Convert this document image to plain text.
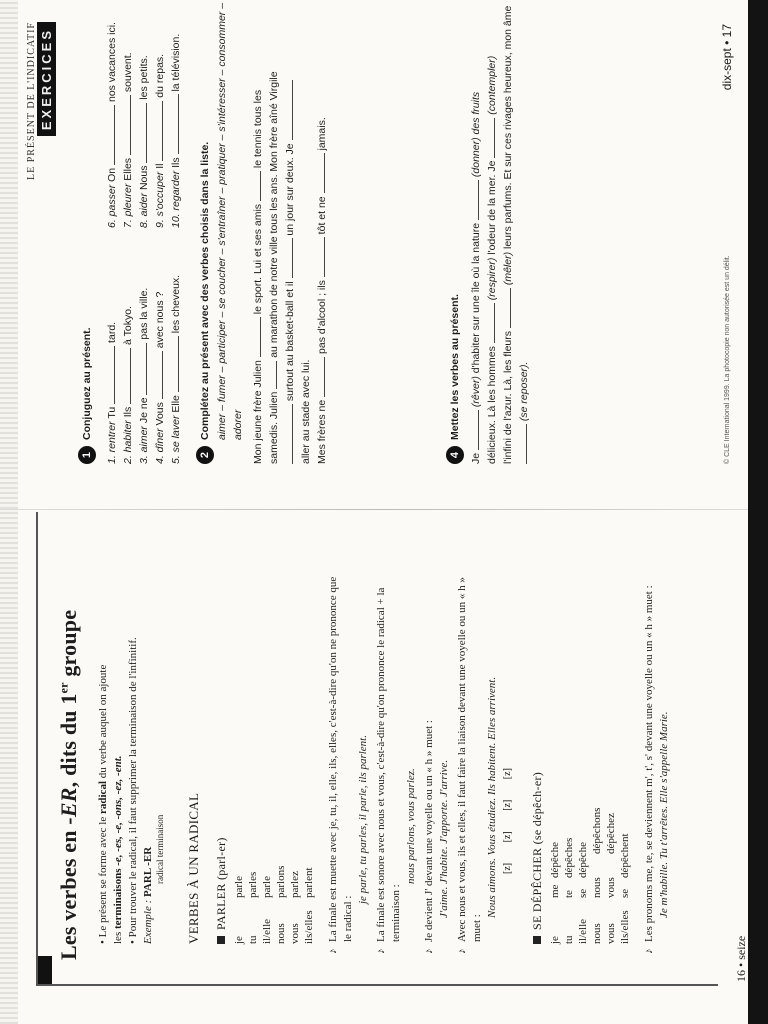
Les verbes en -ER, dits du 1er groupe
• Le présent se forme avec le radical du verbe auquel on ajoute
les terminaisons -e, -es, -e, -ons, -ez, -ent.
• Pour trouver le radical, il faut supprimer la terminaison de l'infinitif. Exemple : PARL -ER radical terminaison VERBES À UN RADICAL PARLER (parl-er)
jeparle
tuparles
il/elleparle
nousparlons
vousparlez
ils/ellesparlent
♪La finale est muette avec je, tu, il, elle, ils, elles, c'est-à-dire qu'on ne prononce que le radical :
je parle, tu parles, il parle, ils parlent.
♪La finale est sonore avec nous et vous, c'est-à-dire qu'on prononce le radical + la terminaison :
nous parlons, vous parlez.
♪Je devient J' devant une voyelle ou un « h » muet : J'aime. J'habite. J'apporte. J'arrive.
♪Avec nous et vous, ils et elles, il faut faire la liaison devant une voyelle ou un « h » muet :
Nous aimons. Vous étudiez. Ils habitent. Elles arrivent. [z] [z] [z] [z] SE DÉPÊCHER (se dépêch-er)
jemedépêche
tutedépêches
il/ellesedépêche
nousnousdépêchons
vousvousdépêchez
ils/ellessedépêchent
♪Les pronoms me, te, se deviennent m', t', s' devant une voyelle ou un « h » muet : Je m'habille. Tu t'arrêtes. Elle s'appelle Marie.
16 • seize
LE PRÉSENT DE L'INDICATIF EXERCICES
1Conjuguez au présent.
1. rentrer Tu  tard.
2. habiter Ils  à Tokyo.
3. aimer Je ne  pas la ville.
4. dîner Vous  avec nous ?
5. se laver Elle  les cheveux.
6. passer On  nos vacances ici.
7. pleurer Elles  souvent.
8. aider Nous  les petits.
9. s'occuper Il  du repas.
10. regarder Ils  la télévision.
2Complétez au présent avec des verbes choisis dans la liste. aimer – fumer – participer – se coucher – s'entraîner – pratiquer – s'intéresser – consommer – adorer Mon jeune frère Julien  le sport. Lui et ses amis  le tennis tous les
samedis. Julien  au marathon de notre ville tous les ans. Mon frère aîné Virgile surtout au basket-ball et il  un jour sur deux. Je
aller au stade avec lui. Mes frères ne  pas d'alcool ; ils  tôt et ne  jamais.
4Mettez les verbes au présent.
Je  (rêver) d'habiter sur une île où la nature  (donner) des fruits
délicieux. Là les hommes  (respirer) l'odeur de la mer. Je  (contempler)
l'infini de l'azur. Là, les fleurs  (mêler) leurs parfums. Et sur ces rivages heureux, mon âme
(se reposer).	© CLE International 1999. La photocopie non autorisée est un délit.
dix-sept • 17
